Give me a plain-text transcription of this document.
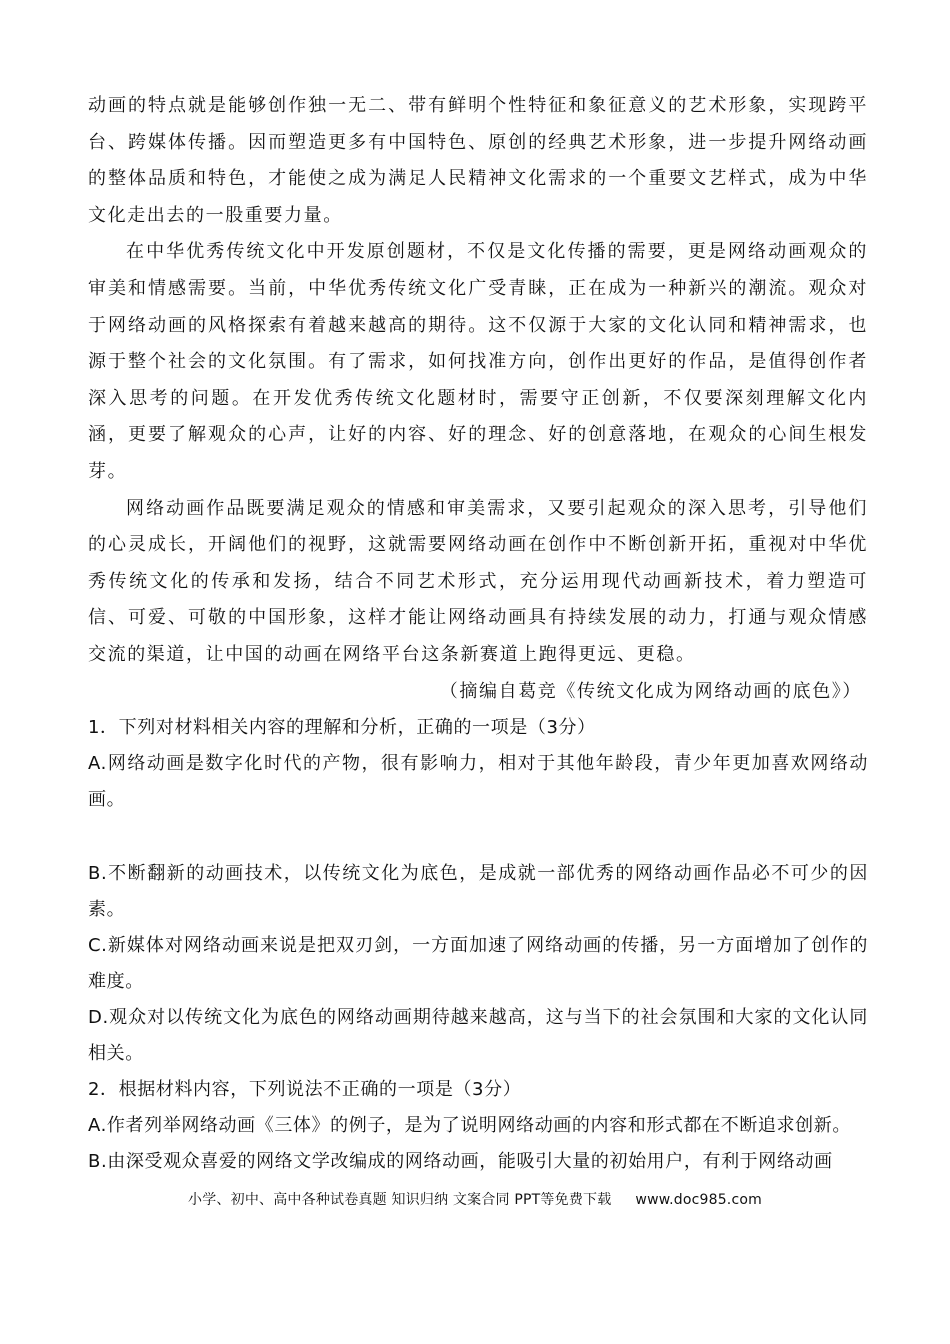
动画的特点就是能够创作独一无二、带有鲜明个性特征和象征意义的艺术形象，实现跨平台、跨媒体传播。因而塑造更多有中国特色、原创的经典艺术形象，进一步提升网络动画的整体品质和特色，才能使之成为满足人民精神文化需求的一个重要文艺样式，成为中华文化走出去的一股重要力量。

在中华优秀传统文化中开发原创题材，不仅是文化传播的需要，更是网络动画观众的审美和情感需要。当前，中华优秀传统文化广受青睐，正在成为一种新兴的潮流。观众对于网络动画的风格探索有着越来越高的期待。这不仅源于大家的文化认同和精神需求，也源于整个社会的文化氛围。有了需求，如何找准方向，创作出更好的作品，是值得创作者深入思考的问题。在开发优秀传统文化题材时，需要守正创新，不仅要深刻理解文化内涵，更要了解观众的心声，让好的内容、好的理念、好的创意落地，在观众的心间生根发芽。

网络动画作品既要满足观众的情感和审美需求，又要引起观众的深入思考，引导他们的心灵成长，开阔他们的视野，这就需要网络动画在创作中不断创新开拓，重视对中华优秀传统文化的传承和发扬，结合不同艺术形式，充分运用现代动画新技术，着力塑造可信、可爱、可敬的中国形象，这样才能让网络动画具有持续发展的动力，打通与观众情感交流的渠道，让中国的动画在网络平台这条新赛道上跑得更远、更稳。

（摘编自葛竞《传统文化成为网络动画的底色》）

1．下列对材料相关内容的理解和分析，正确的一项是（3分）

A.网络动画是数字化时代的产物，很有影响力，相对于其他年龄段，青少年更加喜欢网络动画。

B.不断翻新的动画技术，以传统文化为底色，是成就一部优秀的网络动画作品必不可少的因素。

C.新媒体对网络动画来说是把双刃剑，一方面加速了网络动画的传播，另一方面增加了创作的难度。

D.观众对以传统文化为底色的网络动画期待越来越高，这与当下的社会氛围和大家的文化认同相关。

2．根据材料内容，下列说法不正确的一项是（3分）

A.作者列举网络动画《三体》的例子，是为了说明网络动画的内容和形式都在不断追求创新。

B.由深受观众喜爱的网络文学改编成的网络动画，能吸引大量的初始用户，有利于网络动画

小学、初中、高中各种试卷真题 知识归纳 文案合同 PPT等免费下载 www.doc985.com
